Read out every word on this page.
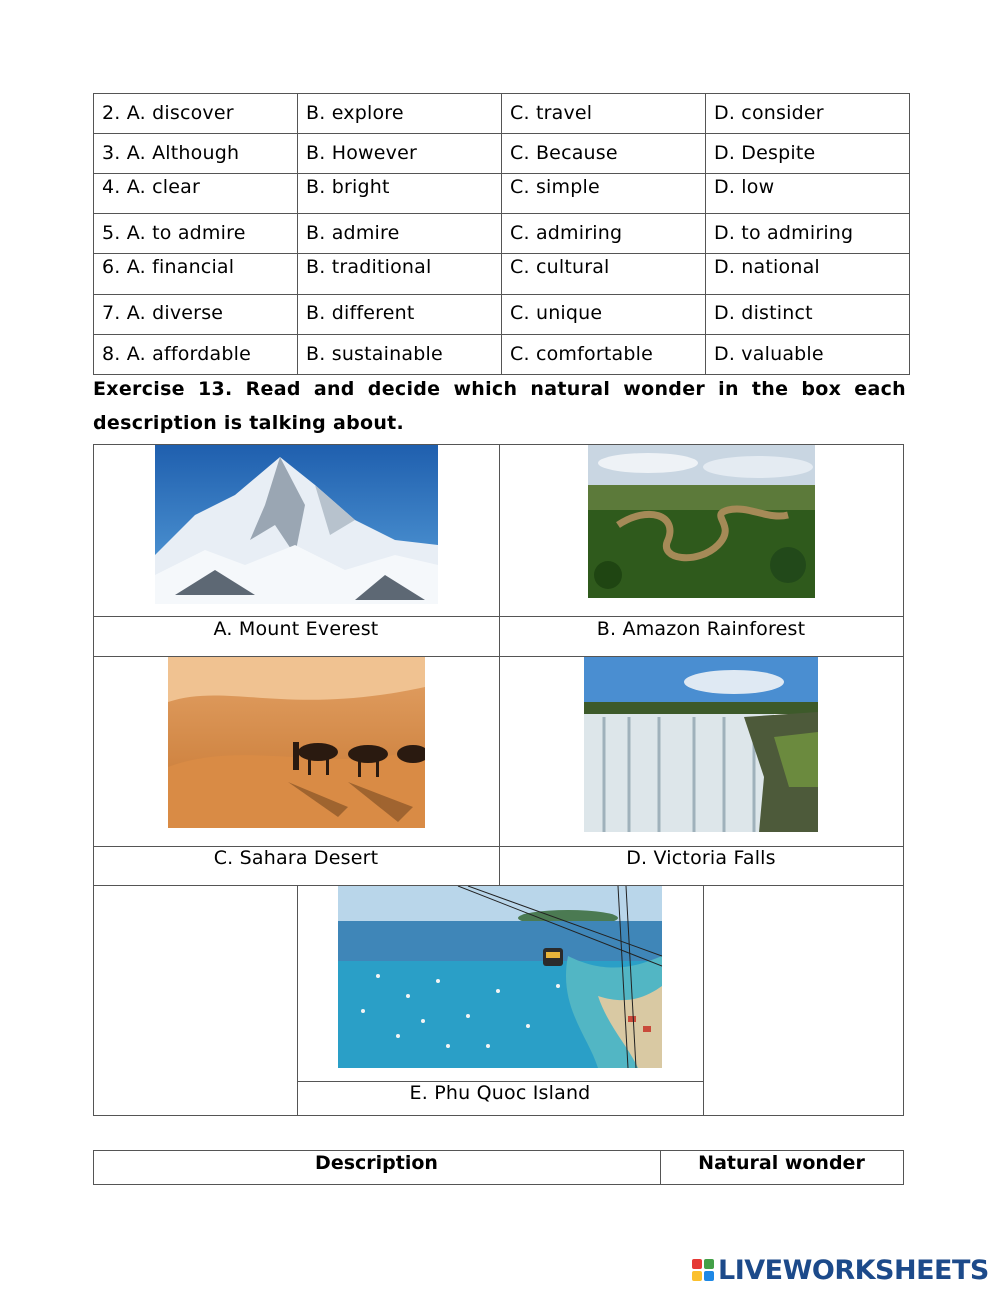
2. A. discover	B. explore	C. travel	D. consider
3. A. Although	B. However	C. Because	D. Despite
4. A. clear	B. bright	C. simple	D. low
5. A. to admire	B. admire	C. admiring	D. to admiring
6. A. financial	B. traditional	C. cultural	D. national
7. A. diverse	B. different	C. unique	D. distinct
8. A. affordable	B. sustainable	C. comfortable	D. valuable
Exercise 13. Read and decide which natural wonder in the box each description is talking about.
A. Mount Everest	B. Amazon Rainforest
C. Sahara Desert	D. Victoria Falls
E. Phu Quoc Island
Description	Natural wonder
LIVEWORKSHEETS
